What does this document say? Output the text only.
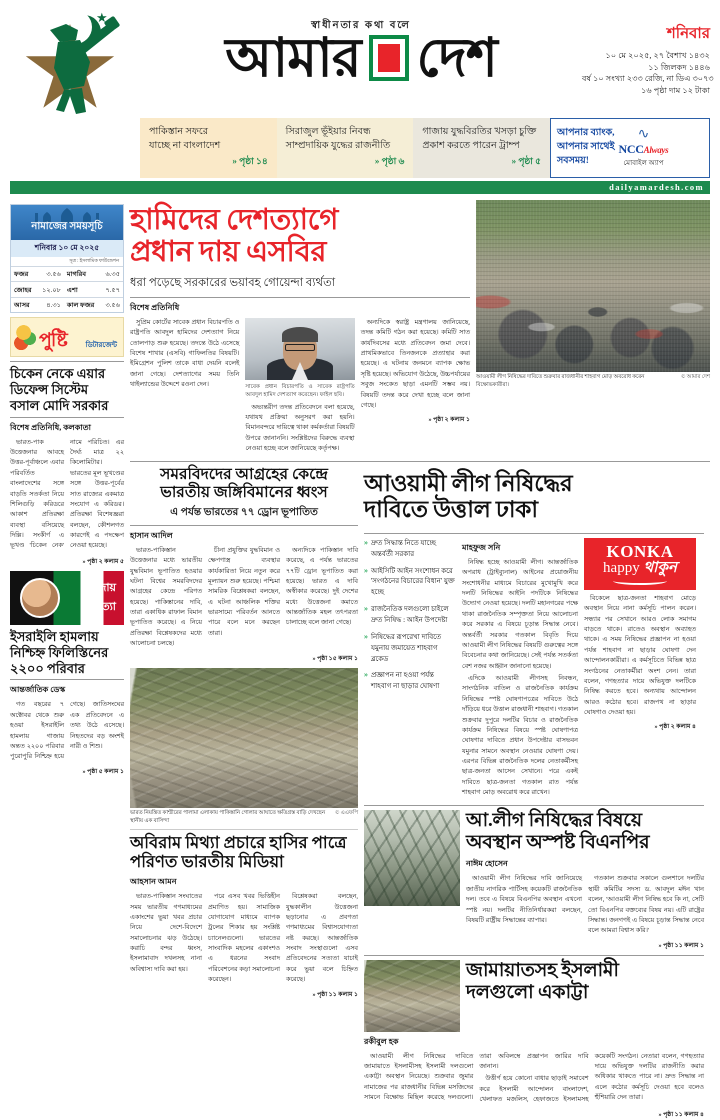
★
স্বাধীনতার কথা বলে
আমার দেশ	শনিবার
১০ মে ২০২৫, ২৭ বৈশাখ ১৪৩২
১১ জিলকদ ১৪৪৬
বর্ষ ১০ সংখ্যা ২৩৩ রেজি, না ডিএ ৩০৭৩
১৬ পৃষ্ঠা দাম ১২ টাকা
পাকিস্তান সফরে
যাচ্ছে না বাংলাদেশ
» পৃষ্ঠা ১৪
সিরাজুল ভূঁইয়ার নিবন্ধ
সাম্প্রদায়িক যুদ্ধের রাজনীতি
» পৃষ্ঠা ৬
গাজায় যুদ্ধবিরতির খসড়া চুক্তি
প্রকাশ করতে পারেন ট্রাম্প
» পৃষ্ঠা ৫
আপনার ব্যাংক,
আপনার সাথেই
সবসময়!
∿
NCCAlways
মোবাইল অ্যাপ
dailyamardesh.com
নামাজের সময়সূচি
শনিবার ১০ মে ২০২৫
সূত্র : ইসলামিক ফাউন্ডেশন
ফজর	৩.৫৬	মাগরিব	৬.৩৫
জোহর	১২.০৮	এশা	৭.৫৭
আসর	৪.৩১	কাল ফজর	৩.৫৬
পুষ্টি	ডিটারজেন্ট
চিকেন নেকে এয়ার
ডিফেন্স সিস্টেম
বসাল মোদি সরকার
বিশেষ প্রতিনিধি, কলকাতা

ভারত-পাক উত্তেজনার আবহে উত্তর-পূর্বাঞ্চলে এবার পরিবর্তিত বাংলাদেশের সঙ্গে বাড়তি সতর্কতা নিয়ে শিলিগুড়ি করিডরে আকাশ প্রতিরক্ষা ব্যবস্থা বসিয়েছে দিল্লি। সংকীর্ণ এ ভূখণ্ড 'চিকেন নেক' নামে পরিচিত। এর দৈর্ঘ্য মাত্র ২২ কিলোমিটার। ভারতের মূল ভূখণ্ডের সঙ্গে উত্তর-পূর্বের সাত রাজ্যের একমাত্র সংযোগ এ করিডর। প্রতিরক্ষা বিশেষজ্ঞরা বলছেন, কৌশলগত কারণেই এ পদক্ষেপ নেওয়া হয়েছে।

» পৃষ্ঠা ২ কলাম ৫
গাজায়
গণহত্যা
ইসরাইলি হামলায়
নিশ্চিহ্ন ফিলিস্তিনের
২২০০ পরিবার
আন্তর্জাতিক ডেস্ক

গত বছরের ৭ অক্টোবর থেকে শুরু হওয়া ইসরাইলি হামলায় গাজায় অন্তত ২২০০ পরিবার পুরোপুরি নিশ্চিহ্ন হয়ে গেছে। জাতিসংঘের এক প্রতিবেদনে এ তথ্য উঠে এসেছে। নিহতদের বড় অংশই নারী ও শিশু।

» পৃষ্ঠা ৫ কলাম ১
হামিদের দেশত্যাগে
প্রধান দায় এসবির
ধরা পড়েছে সরকারের ভয়াবহ গোয়েন্দা ব্যর্থতা
বিশেষ প্রতিনিধি

সুপ্রিম কোর্টের সাবেক প্রধান বিচারপতি ও রাষ্ট্রপতি আবদুল হামিদের দেশত্যাগ নিয়ে তোলপাড় শুরু হয়েছে। তদন্তে উঠে এসেছে বিশেষ শাখার (এসবি) গাফিলতির বিষয়টি। ইমিগ্রেশন পুলিশ তাকে বাধা দেয়নি বলেই জানা গেছে। দেশত্যাগের সময় তিনি থাইল্যান্ডের উদ্দেশে রওনা দেন।	সাবেক প্রধান বিচারপতি ও সাবেক রাষ্ট্রপতি আবদুল হামিদ দেশত্যাগ করেছেন। ফাইল ছবি।

অভ্যন্তরীণ তদন্ত প্রতিবেদনে বলা হয়েছে, যথাযথ প্রক্রিয়া অনুসরণ করা হয়নি। বিমানবন্দরে দায়িত্বে থাকা কর্মকর্তারা বিষয়টি উপরে জানাননি। সংশ্লিষ্টদের বিরুদ্ধে ব্যবস্থা নেওয়া হচ্ছে বলে জানিয়েছে কর্তৃপক্ষ।

অন্যদিকে স্বরাষ্ট্র মন্ত্রণালয় জানিয়েছে, তদন্ত কমিটি গঠন করা হয়েছে। কমিটি সাত কার্যদিবসের মধ্যে প্রতিবেদন জমা দেবে। প্রাথমিকভাবে তিনজনকে প্রত্যাহার করা হয়েছে। এ ঘটনায় জনমনে ব্যাপক ক্ষোভ সৃষ্টি হয়েছে। অভিযোগ উঠেছে, উচ্চপর্যায়ের সবুজ সংকেত ছাড়া এমনটি সম্ভব নয়। বিষয়টি তদন্ত করে দেখা হচ্ছে বলে জানা গেছে।

» পৃষ্ঠা ২ কলাম ১
আওয়ামী লীগ নিষিদ্ধের দাবিতে শুক্রবার রাজধানীর শাহবাগ মোড় অবরোধ করেন বিক্ষোভকারীরা।
© আমার দেশ
সমরবিদদের আগ্রহের কেন্দ্রে
ভারতীয় জঙ্গিবিমানের ধ্বংস
এ পর্যন্ত ভারতের ৭৭ ড্রোন ভূপাতিত
হাসান আদিল

ভারত-পাকিস্তান উত্তেজনার মধ্যে ভারতীয় যুদ্ধবিমান ভূপাতিত হওয়ার ঘটনা বিশ্বের সমরবিদদের আগ্রহের কেন্দ্রে পরিণত হয়েছে। পাকিস্তানের দাবি, তারা একাধিক রাফাল বিমান ভূপাতিত করেছে। এ নিয়ে প্রতিরক্ষা বিশ্লেষকদের মধ্যে আলোচনা চলছে।

চীনা প্রযুক্তির যুদ্ধবিমান ও ক্ষেপণাস্ত্র ব্যবস্থার কার্যকারিতা নিয়ে নতুন করে মূল্যায়ন শুরু হয়েছে। পশ্চিমা সামরিক বিশ্লেষকরা বলছেন, এ ঘটনা আঞ্চলিক শক্তির ভারসাম্যে পরিবর্তন আনতে পারে বলে মনে করছেন তারা।

অন্যদিকে পাকিস্তান দাবি করেছে, এ পর্যন্ত ভারতের ৭৭টি ড্রোন ভূপাতিত করা হয়েছে। ভারত এ দাবি অস্বীকার করেছে। দুই দেশের মধ্যে উত্তেজনা কমাতে আন্তর্জাতিক মহল তৎপরতা চালাচ্ছে বলে জানা গেছে।

» পৃষ্ঠা ১৫ কলাম ১
ভারত নিয়ন্ত্রিত কাশ্মীরের পালামা এলাকায় পাকিস্তানি গোলার আঘাতে ক্ষতিগ্রস্ত বাড়ি দেখছেন স্থানীয় এক বাসিন্দা
© এএফপি
অবিরাম মিথ্যা প্রচারে হাসির পাত্রে
পরিণত ভারতীয় মিডিয়া
আহসান আমন

ভারত-পাকিস্তান সংঘাতের সময় ভারতীয় গণমাধ্যমের একাংশের ভুয়া খবর প্রচার নিয়ে দেশে-বিদেশে সমালোচনার ঝড় উঠেছে। করাচি বন্দর ধ্বংস, ইসলামাবাদ দখলসহ নানা অবিশ্বাস্য দাবি করা হয়।

পরে এসব খবর ভিত্তিহীন প্রমাণিত হয়। সামাজিক যোগাযোগ মাধ্যমে ব্যাপক ট্রলের শিকার হয় সংশ্লিষ্ট চ্যানেলগুলো। ভারতের সাংবাদিক মহলের একাংশও এ ধরনের সংবাদ পরিবেশনের কড়া সমালোচনা করেছেন।

বিশ্লেষকরা বলছেন, যুদ্ধকালীন উত্তেজনা ছড়ানোর এ প্রবণতা গণমাধ্যমের বিশ্বাসযোগ্যতা নষ্ট করছে। আন্তর্জাতিক সংবাদ সংস্থাগুলো এসব প্রতিবেদনের সত্যতা যাচাই করে ভুয়া বলে চিহ্নিত করেছে।

» পৃষ্ঠা ১১ কলাম ১
আওয়ামী লীগ নিষিদ্ধের
দাবিতে উত্তাল ঢাকা
» দ্রুত সিদ্ধান্ত নিতে যাচ্ছে অন্তর্বর্তী সরকার
» আইসিটি আইন সংশোধন করে 'সংগঠনের বিচারের বিধান' যুক্ত হচ্ছে
» রাজনৈতিক দলগুলো চাইলে দ্রুত নিষিদ্ধ : আইন উপদেষ্টা
» নিষিদ্ধের রূপরেখা দাবিতে যমুনায় জমায়েত শাহবাগ ব্লকেড
» প্রজ্ঞাপন না হওয়া পর্যন্ত শাহবাগ না ছাড়ার ঘোষণা
মাহফুজ সনি

নিষিদ্ধ হচ্ছে আওয়ামী লীগ। আন্তর্জাতিক অপরাধ (ট্রাইব্যুনাল) আইনের প্রয়োজনীয় সংশোধনীর মাধ্যমে বিচারের মুখোমুখি করে দলটি নিষিদ্ধের আইনি পদটিকে নিষিদ্ধের উদ্যোগ নেওয়া হয়েছে। দলটি মহানগরের পক্ষে থাকা রাজনৈতিক সম্পৃক্ততা নিয়ে আলোচনা করে সরকার এ বিষয়ে চূড়ান্ত সিদ্ধান্ত নেবে। অন্তর্বর্তী সরকার গতকাল বিবৃতি দিয়ে আওয়ামী লীগ নিষিদ্ধের বিষয়টি গুরুত্বের সঙ্গে বিবেচনার কথা জানিয়েছে। সেই পর্যন্ত সতর্কতা বেশ নজর আহ্বান জানানো হয়েছে।

এদিকে আওয়ামী লীগসহ নিবন্ধন, সাংগঠনিক বাতিল ও রাজনৈতিক কার্যক্রম নিষিদ্ধের স্পষ্ট ঘোষণাপত্রের দাবিতে উঠে দাঁড়িয়ে ধরে উত্তাল রাজধানী শাহবাগ। গতকাল শুক্রবার দুপুরে দলটির বিচার ও রাজনৈতিক কার্যক্রম নিষিদ্ধের বিষয়ে স্পষ্ট ঘোষণাপত্র ঘোষণার দাবিতে প্রধান উপদেষ্টার বাসভবন যমুনার সামনে অবস্থান নেওয়ার ঘোষণা দেয়। এরপর বিভিন্ন রাজনৈতিক দলের নেতাকর্মীসহ ছাত্র-জনতা আসেন সেখানে। পরে একই দাবিতে ছাত্র-জনতা গতকাল রাত পর্যন্ত শাহবাগ মোড় অবরোধ করে রাখেন।

KONKA
happy থাকুন

বিকেলে ছাত্র-জনতা শাহবাগ মোড়ে অবস্থান নিয়ে নানা কর্মসূচি পালন করেন। সন্ধ্যার পর সেখানে আরও লোক সমাগম বাড়তে থাকে। রাতেও অবস্থান অব্যাহত থাকে। এ সময় নিষিদ্ধের প্রজ্ঞাপন না হওয়া পর্যন্ত শাহবাগ না ছাড়ার ঘোষণা দেন আন্দোলনকারীরা। এ কর্মসূচিতে বিভিন্ন ছাত্র সংগঠনের নেতাকর্মীরা অংশ নেন। তারা বলেন, গণহত্যার দায়ে অভিযুক্ত দলটিকে নিষিদ্ধ করতে হবে। অন্যথায় আন্দোলন আরও কঠোর হবে। রাজপথ না ছাড়ার ঘোষণাও দেওয়া হয়।

» পৃষ্ঠা ২ কলাম ৪
আ.লীগ নিষিদ্ধের বিষয়ে
অবস্থান অস্পষ্ট বিএনপির
নাঈম হোসেন

আওয়ামী লীগ নিষিদ্ধের দাবি জানিয়েছে জাতীয় নাগরিক পার্টিসহ কয়েকটি রাজনৈতিক দল। তবে এ বিষয়ে বিএনপির অবস্থান এখনো স্পষ্ট নয়। দলটির নীতিনির্ধারকরা বলছেন, বিষয়টি রাষ্ট্রীয় সিদ্ধান্তের ব্যাপার।

গতকাল শুক্রবার সকালে গুলশানে দলটির স্থায়ী কমিটির সদস্য ড. আবদুল মঈন খান বলেন, 'আওয়ামী লীগ নিষিদ্ধ হবে কি না, সেটি তো বিএনপির বক্তব্যের বিষয় নয়। এটি রাষ্ট্রের সিদ্ধান্ত। জনগণই এ বিষয়ে চূড়ান্ত সিদ্ধান্ত নেবে বলে আমরা বিশ্বাস করি।'

» পৃষ্ঠা ১১ কলাম ১
জামায়াতসহ ইসলামী
দলগুলো একাট্টা
রকীবুল হক

আওয়ামী লীগ নিষিদ্ধের দাবিতে জামায়াতে ইসলামীসহ ইসলামী দলগুলো একাট্টা অবস্থান নিয়েছে। শুক্রবার জুমার নামাজের পর রাজধানীর বিভিন্ন মসজিদের সামনে বিক্ষোভ মিছিল করেছে দলগুলো। তারা অবিলম্বে প্রজ্ঞাপন জারির দাবি জানান।

উত্তীর্ণ হয়ে কোনো বাধার ছাড়াই সমাবেশ করে ইসলামী আন্দোলন বাংলাদেশ, খেলাফত মজলিস, হেফাজতে ইসলামসহ কয়েকটি সংগঠন। নেতারা বলেন, গণহত্যার দায়ে অভিযুক্ত দলটির রাজনীতি করার অধিকার থাকতে পারে না। দ্রুত সিদ্ধান্ত না এলে কঠোর কর্মসূচি দেওয়া হবে বলেও হুঁশিয়ারি দেন তারা।

» পৃষ্ঠা ১১ কলাম ৪
